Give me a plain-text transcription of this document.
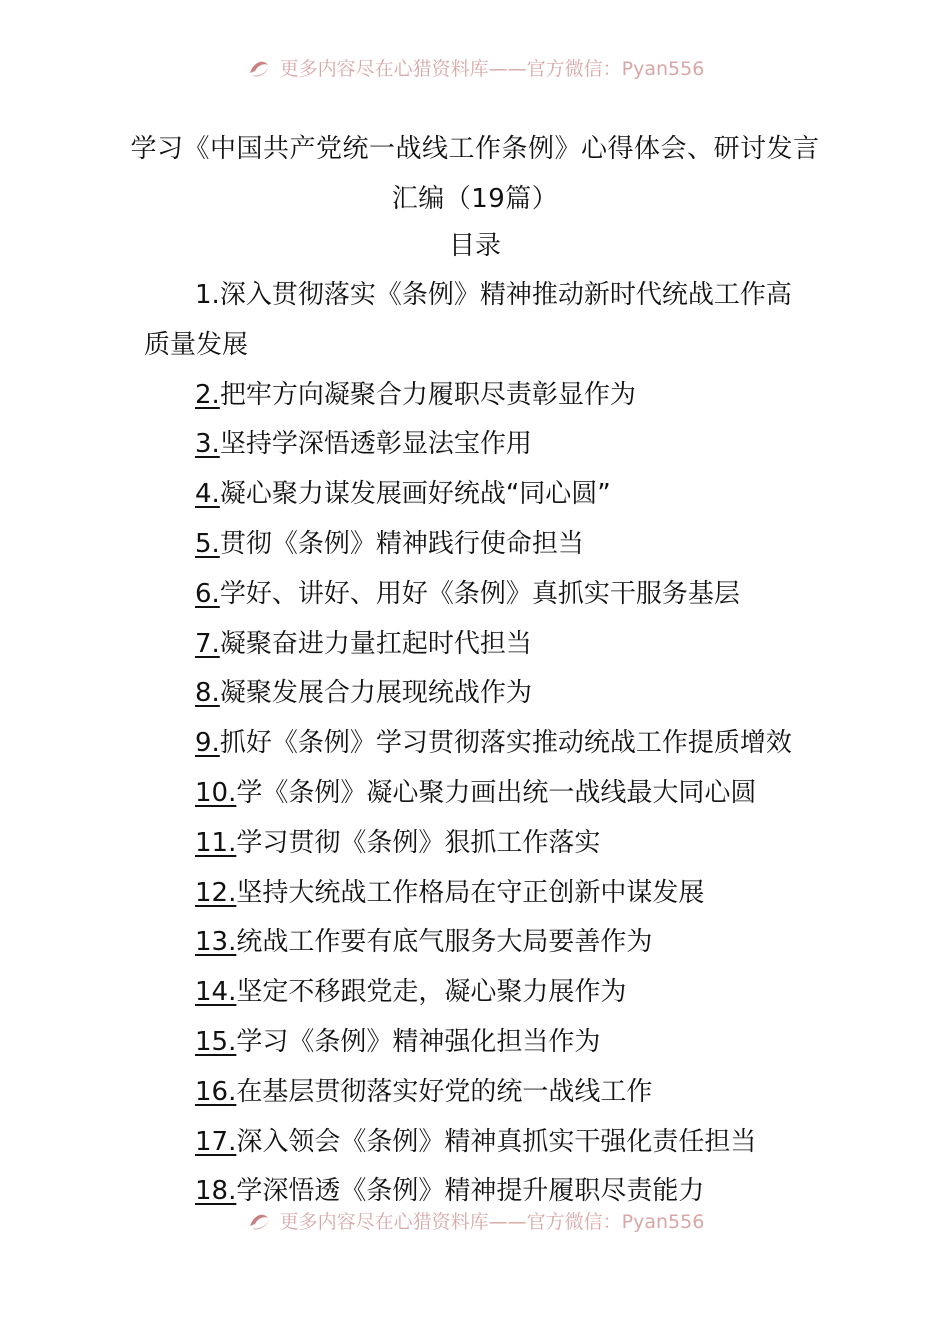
更多内容尽在心猎资料库——官方微信：Pyan556
学习《中国共产党统一战线工作条例》心得体会、研讨发言汇编（19篇）
目录
1.深入贯彻落实《条例》精神推动新时代统战工作高质量发展
2.把牢方向凝聚合力履职尽责彰显作为
3.坚持学深悟透彰显法宝作用
4.凝心聚力谋发展画好统战“同心圆”
5.贯彻《条例》精神践行使命担当
6.学好、讲好、用好《条例》真抓实干服务基层
7.凝聚奋进力量扛起时代担当
8.凝聚发展合力展现统战作为
9.抓好《条例》学习贯彻落实推动统战工作提质增效
10.学《条例》凝心聚力画出统一战线最大同心圆
11.学习贯彻《条例》狠抓工作落实
12.坚持大统战工作格局在守正创新中谋发展
13.统战工作要有底气服务大局要善作为
14.坚定不移跟党走，凝心聚力展作为
15.学习《条例》精神强化担当作为
16.在基层贯彻落实好党的统一战线工作
17.深入领会《条例》精神真抓实干强化责任担当
18.学深悟透《条例》精神提升履职尽责能力
更多内容尽在心猎资料库——官方微信：Pyan556
